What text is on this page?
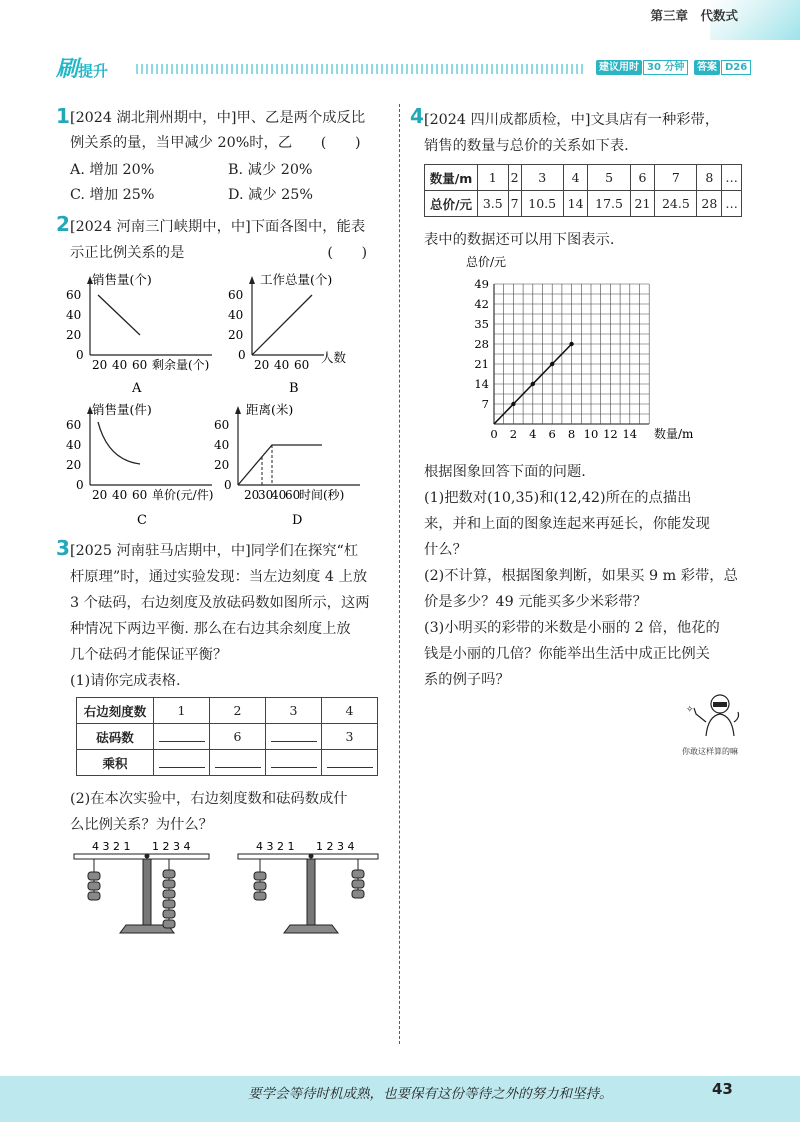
第三章　代数式
刷提升	建议用时 30 分钟	答案 D26
1 [2024 湖北荆州期中，中]甲、乙是两个成反比
例关系的量，当甲减少 20%时，乙　　(　　)
A. 增加 20%	B. 减少 20%
C. 增加 25%	D. 减少 25%
2 [2024 河南三门峡期中，中]下面各图中，能表
示正比例关系的是　　　　　　　　　　(　　)
销售量(个)
60
40
20
0
20 40 60 剩余量(个)
A
工作总量(个)
60
40
20
0
20 40 60 人数
B
销售量(件)
60
40
20
0
20 40 60 单价(元/件)
C
距离(米)
60
40
20
0
20
30
40
60
时间(秒)
D
3 [2025 河南驻马店期中，中]同学们在探究“杠
杆原理”时，通过实验发现：当左边刻度 4 上放
3 个砝码，右边刻度及放砝码数如图所示，这两
种情况下两边平衡. 那么在右边其余刻度上放
几个砝码才能保证平衡？
(1)请你完成表格.
右边刻度数	1	2	3	4
砝码数		6		3
乘积				
(2)在本次实验中，右边刻度数和砝码数成什
么比例关系？为什么？
4 3 2 1 1 2 3 4	4 3 2 1 1 2 3 4
4 [2024 四川成都质检，中]文具店有一种彩带，
销售的数量与总价的关系如下表.
数量/m	1	2	3	4	5	6	7	8	…
总价/元	3.5	7	10.5	14	17.5	21	24.5	28	…
表中的数据还可以用下图表示.
总价/元
数量/m
7
14
21
28
35
42
49
0 2 4 6 8 10 12 14
根据图象回答下面的问题.
(1)把数对(10,35)和(12,42)所在的点描出
来，并和上面的图象连起来再延长，你能发现
什么？
(2)不计算，根据图象判断，如果买 9 m 彩带，总
价是多少？49 元能买多少米彩带？
(3)小明买的彩带的米数是小丽的 2 倍，他花的
钱是小丽的几倍？你能举出生活中成正比例关
系的例子吗？
✧
你敢这样算的嘛
要学会等待时机成熟，也要保有这份等待之外的努力和坚持。	43
